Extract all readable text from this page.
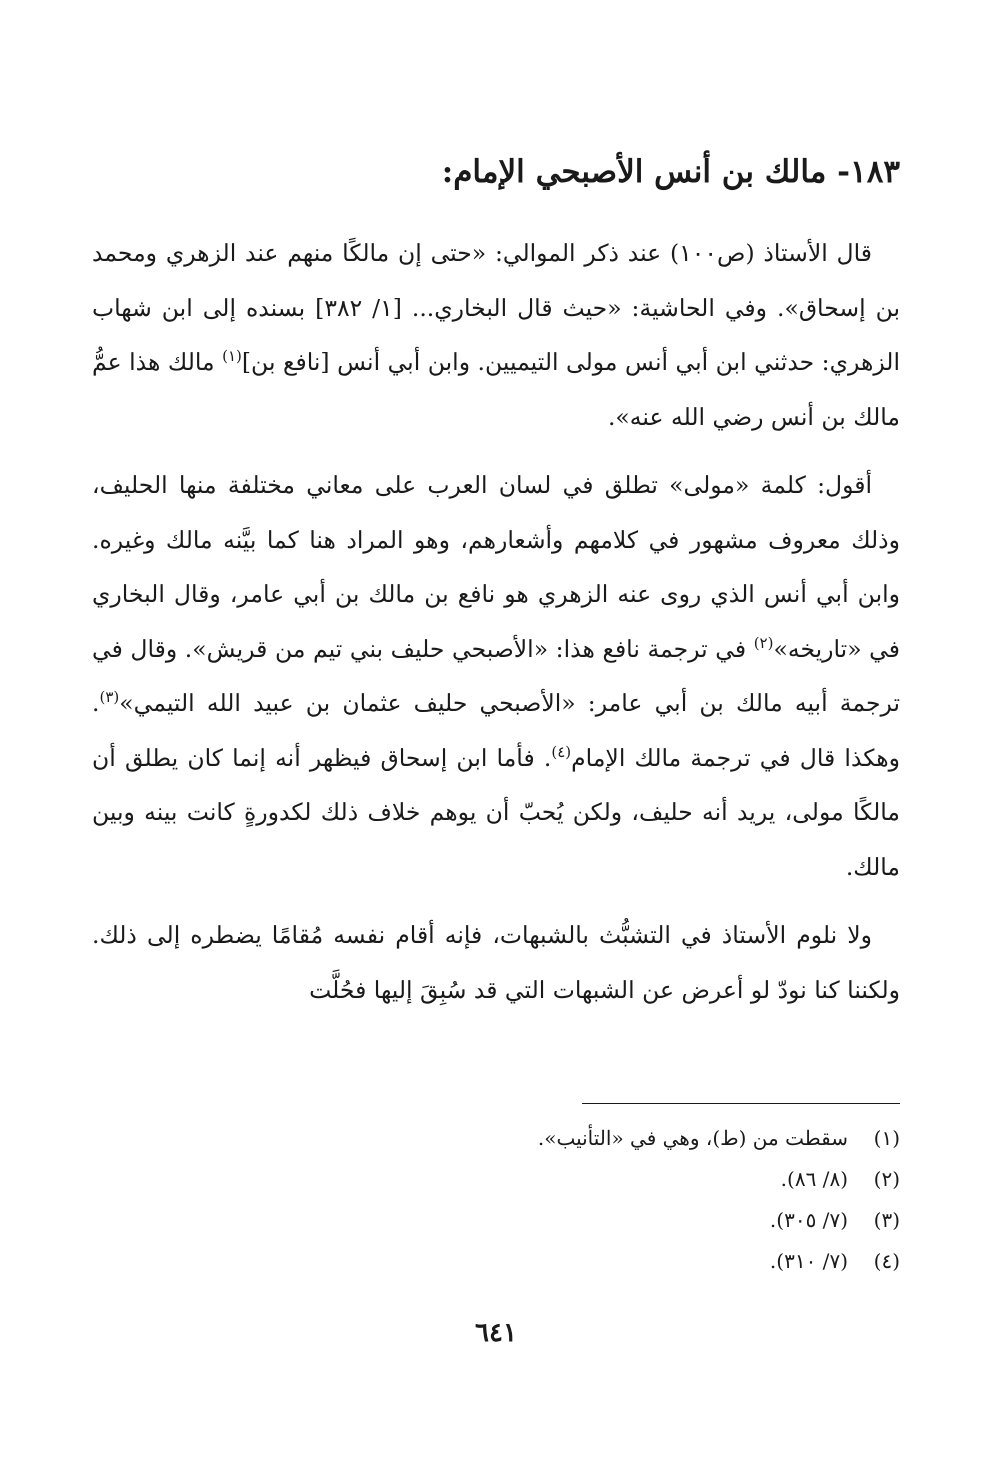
١٨٣- مالك بن أنس الأصبحي الإمام:

قال الأستاذ (ص١٠٠) عند ذكر الموالي: «حتى إن مالكًا منهم عند الزهري ومحمد بن إسحاق». وفي الحاشية: «حيث قال البخاري... [١/ ٣٨٢] بسنده إلى ابن شهاب الزهري: حدثني ابن أبي أنس مولى التيميين. وابن أبي أنس [نافع بن]$^{(١)}$ مالك هذا عمُّ مالك بن أنس رضي الله عنه».

أقول: كلمة «مولى» تطلق في لسان العرب على معاني مختلفة منها الحليف، وذلك معروف مشهور في كلامهم وأشعارهم، وهو المراد هنا كما بيَّنه مالك وغيره. وابن أبي أنس الذي روى عنه الزهري هو نافع بن مالك بن أبي عامر، وقال البخاري في «تاريخه»$^{(٢)}$ في ترجمة نافع هذا: «الأصبحي حليف بني تيم من قريش». وقال في ترجمة أبيه مالك بن أبي عامر: «الأصبحي حليف عثمان بن عبيد الله التيمي»$^{(٣)}$. وهكذا قال في ترجمة مالك الإمام$^{(٤)}$. فأما ابن إسحاق فيظهر أنه إنما كان يطلق أن مالكًا مولى، يريد أنه حليف، ولكن يُحبّ أن يوهم خلاف ذلك لكدورةٍ كانت بينه وبين مالك.

ولا نلوم الأستاذ في التشبُّث بالشبهات، فإنه أقام نفسه مُقامًا يضطره إلى ذلك. ولكننا كنا نودّ لو أعرض عن الشبهات التي قد سُبِقَ إليها فحُلَّت

(١)
سقطت من (ط)، وهي في «التأنيب».
(٢)
(٨/ ٨٦).
(٣)
(٧/ ٣٠٥).
(٤)
(٧/ ٣١٠).
٦٤١
